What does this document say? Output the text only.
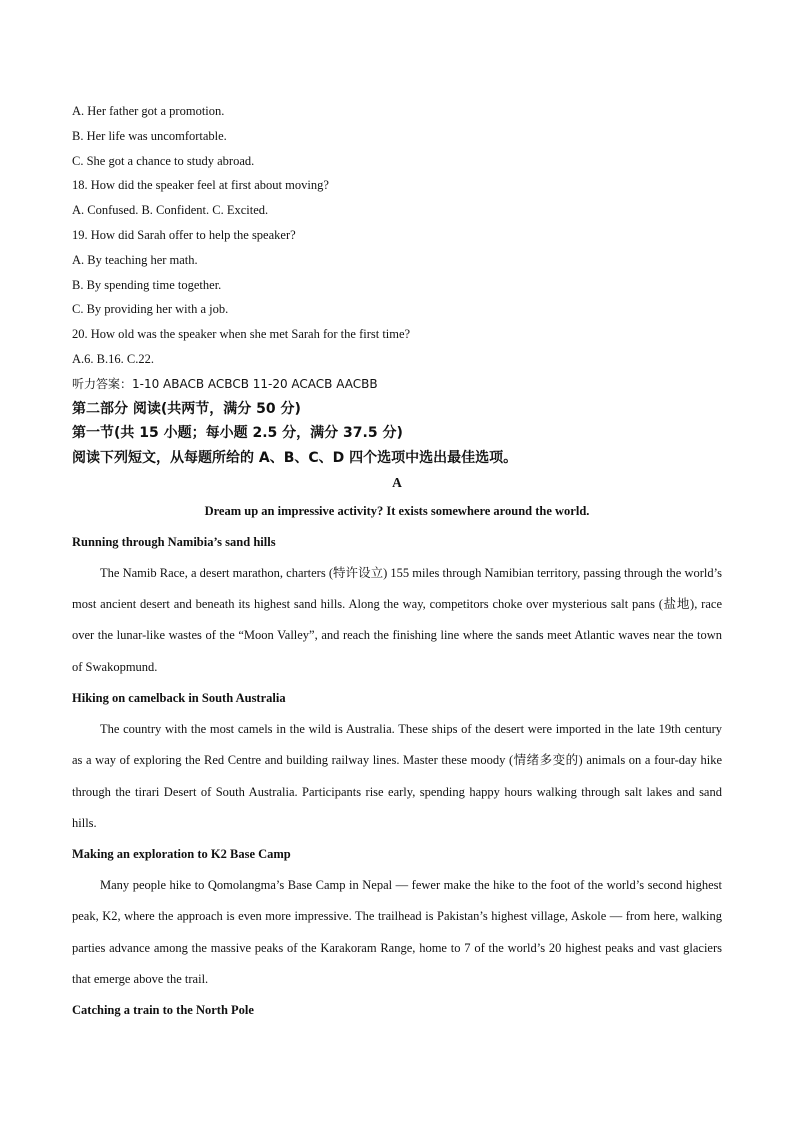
A. Her father got a promotion.
B. Her life was uncomfortable.
C. She got a chance to study abroad.
18. How did the speaker feel at first about moving?
A. Confused. B. Confident. C. Excited.
19. How did Sarah offer to help the speaker?
A. By teaching her math.
B. By spending time together.
C. By providing her with a job.
20. How old was the speaker when she met Sarah for the first time?
A.6. B.16. C.22.
听力答案：1-10 ABACB ACBCB 11-20 ACACB AACBB
第二部分 阅读(共两节，满分 50 分)
第一节(共 15 小题；每小题 2.5 分，满分 37.5 分)
阅读下列短文，从每题所给的 A、B、C、D 四个选项中选出最佳选项。
A
Dream up an impressive activity? It exists somewhere around the world.
Running through Namibia’s sand hills

The Namib Race, a desert marathon, charters (特许设立) 155 miles through Namibian territory, passing through the world’s most ancient desert and beneath its highest sand hills. Along the way, competitors choke over mysterious salt pans (盐地), race over the lunar-like wastes of the “Moon Valley”, and reach the finishing line where the sands meet Atlantic waves near the town of Swakopmund.

Hiking on camelback in South Australia

The country with the most camels in the wild is Australia. These ships of the desert were imported in the late 19th century as a way of exploring the Red Centre and building railway lines. Master these moody (情绪多变的) animals on a four-day hike through the tirari Desert of South Australia. Participants rise early, spending happy hours walking through salt lakes and sand hills.

Making an exploration to K2 Base Camp

Many people hike to Qomolangma’s Base Camp in Nepal — fewer make the hike to the foot of the world’s second highest peak, K2, where the approach is even more impressive. The trailhead is Pakistan’s highest village, Askole — from here, walking parties advance among the massive peaks of the Karakoram Range, home to 7 of the world’s 20 highest peaks and vast glaciers that emerge above the trail.

Catching a train to the North Pole
